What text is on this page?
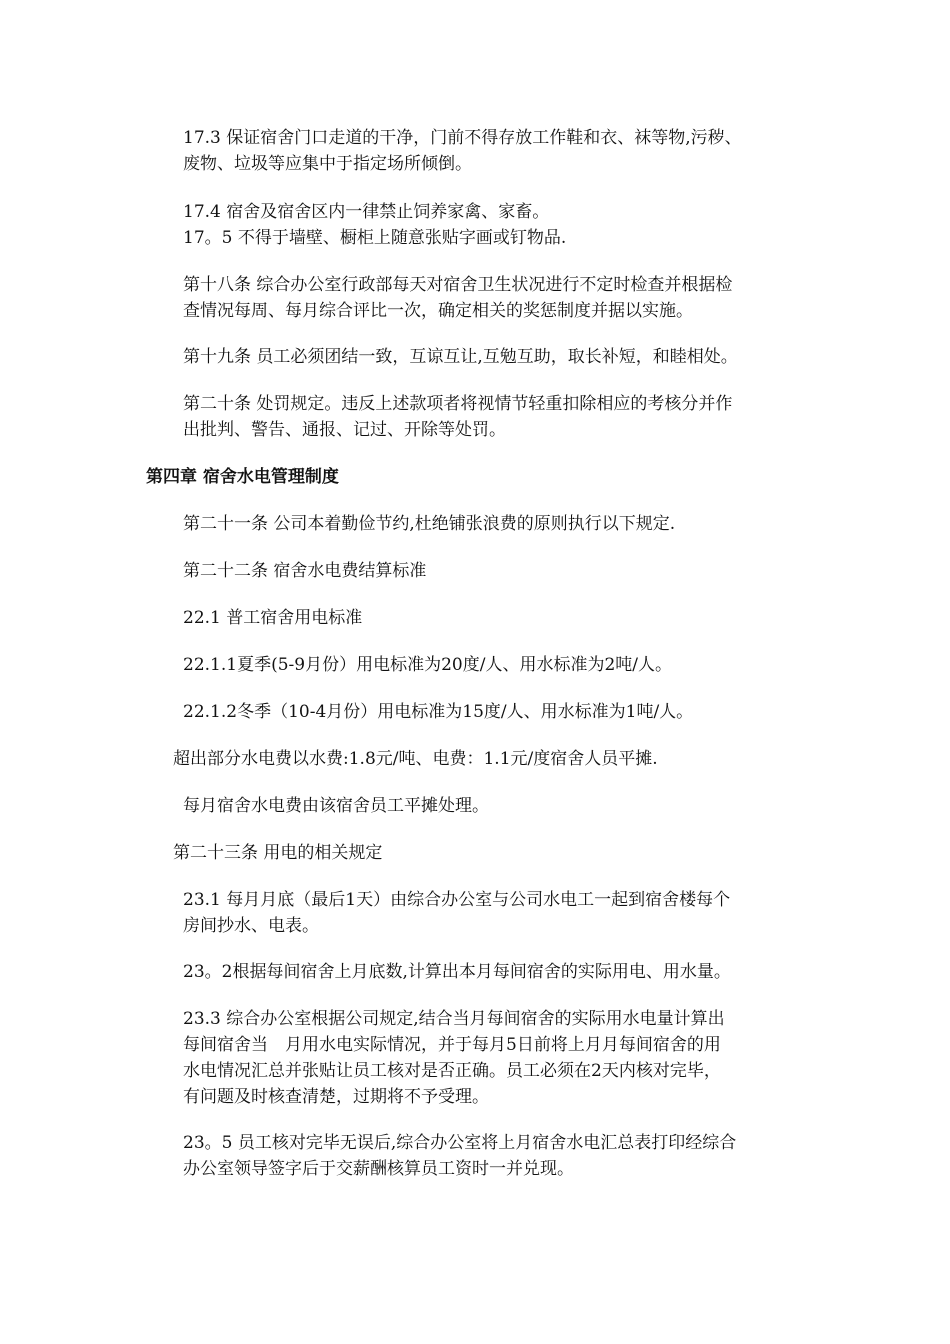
17.3 保证宿舍门口走道的干净，门前不得存放工作鞋和衣、袜等物,污秽、
废物、垃圾等应集中于指定场所倾倒。
17.4 宿舍及宿舍区内一律禁止饲养家禽、家畜。
17。5 不得于墙壁、橱柜上随意张贴字画或钉物品.
第十八条 综合办公室行政部每天对宿舍卫生状况进行不定时检查并根据检
查情况每周、每月综合评比一次，确定相关的奖惩制度并据以实施。
第十九条 员工必须团结一致，互谅互让,互勉互助，取长补短，和睦相处。
第二十条 处罚规定。违反上述款项者将视情节轻重扣除相应的考核分并作
出批判、警告、通报、记过、开除等处罚。
第四章 宿舍水电管理制度
第二十一条 公司本着勤俭节约,杜绝铺张浪费的原则执行以下规定.
第二十二条 宿舍水电费结算标准
22.1 普工宿舍用电标准
22.1.1夏季(5-9月份）用电标准为20度/人、用水标准为2吨/人。
22.1.2冬季（10-4月份）用电标准为15度/人、用水标准为1吨/人。
超出部分水电费以水费:1.8元/吨、电费：1.1元/度宿舍人员平摊.
每月宿舍水电费由该宿舍员工平摊处理。
第二十三条 用电的相关规定
23.1 每月月底（最后1天）由综合办公室与公司水电工一起到宿舍楼每个
房间抄水、电表。
23。2根据每间宿舍上月底数,计算出本月每间宿舍的实际用电、用水量。
23.3 综合办公室根据公司规定,结合当月每间宿舍的实际用水电量计算出
每间宿舍当　月用水电实际情况，并于每月5日前将上月月每间宿舍的用
水电情况汇总并张贴让员工核对是否正确。员工必须在2天内核对完毕，
有问题及时核查清楚，过期将不予受理。
23。5 员工核对完毕无误后,综合办公室将上月宿舍水电汇总表打印经综合
办公室领导签字后于交薪酬核算员工资时一并兑现。
